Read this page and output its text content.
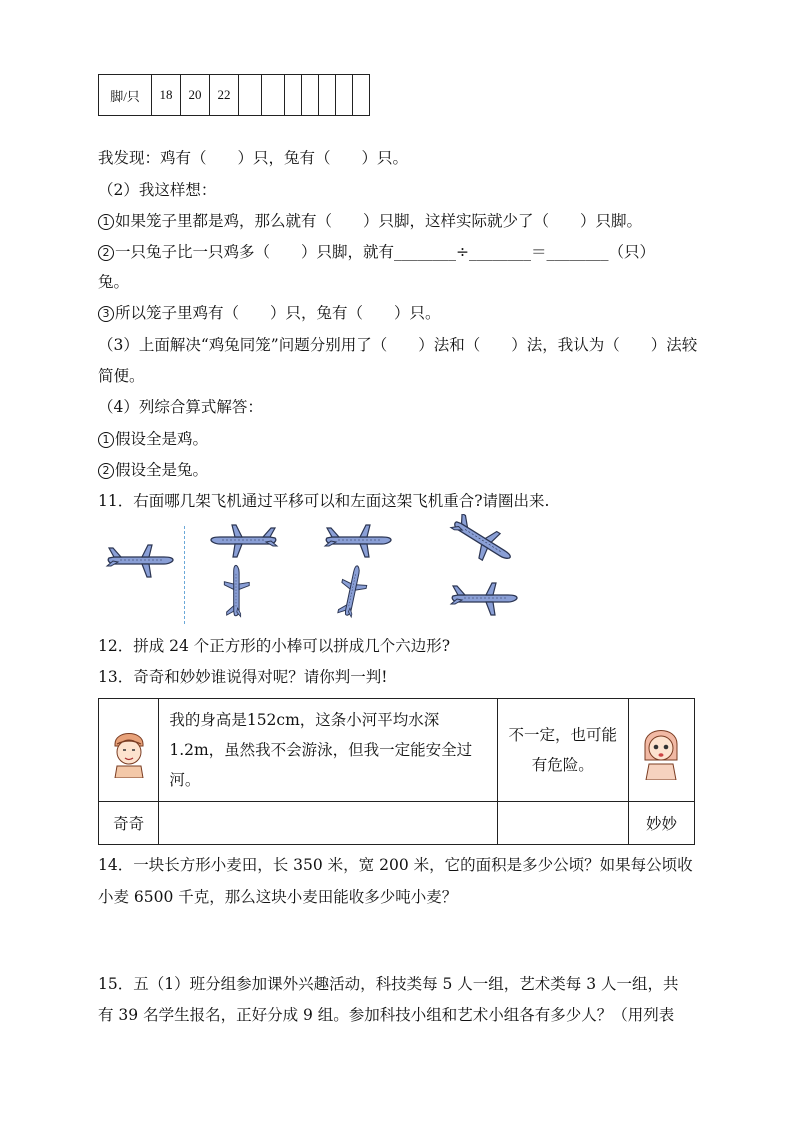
脚/只	18	20	22							
我发现：鸡有（　　）只，兔有（　　）只。
（2）我这样想：
1 如果笼子里都是鸡，那么就有（　　）只脚，这样实际就少了（　　）只脚。
2 一只兔子比一只鸡多（　　）只脚，就有________÷________＝________（只）
兔。
3 所以笼子里鸡有（　　）只，兔有（　　）只。
（3）上面解决“鸡兔同笼”问题分别用了（　　）法和（　　）法，我认为（　　）法较
简便。
（4）列综合算式解答：
1 假设全是鸡。
2 假设全是兔。
11．右面哪几架飞机通过平移可以和左面这架飞机重合?请圈出来.
12．拼成 24 个正方形的小棒可以拼成几个六边形?
13．奇奇和妙妙谁说得对呢？请你判一判!
	我的身高是152cm，这条小河平均水深1.2m，虽然我不会游泳，但我一定能安全过河。	不一定，也可能有危险。	

奇奇			妙妙
14．一块长方形小麦田，长 350 米，宽 200 米，它的面积是多少公顷？如果每公顷收
小麦 6500 千克，那么这块小麦田能收多少吨小麦？
15．五（1）班分组参加课外兴趣活动，科技类每 5 人一组，艺术类每 3 人一组，共
有 39 名学生报名，正好分成 9 组。参加科技小组和艺术小组各有多少人？（用列表
